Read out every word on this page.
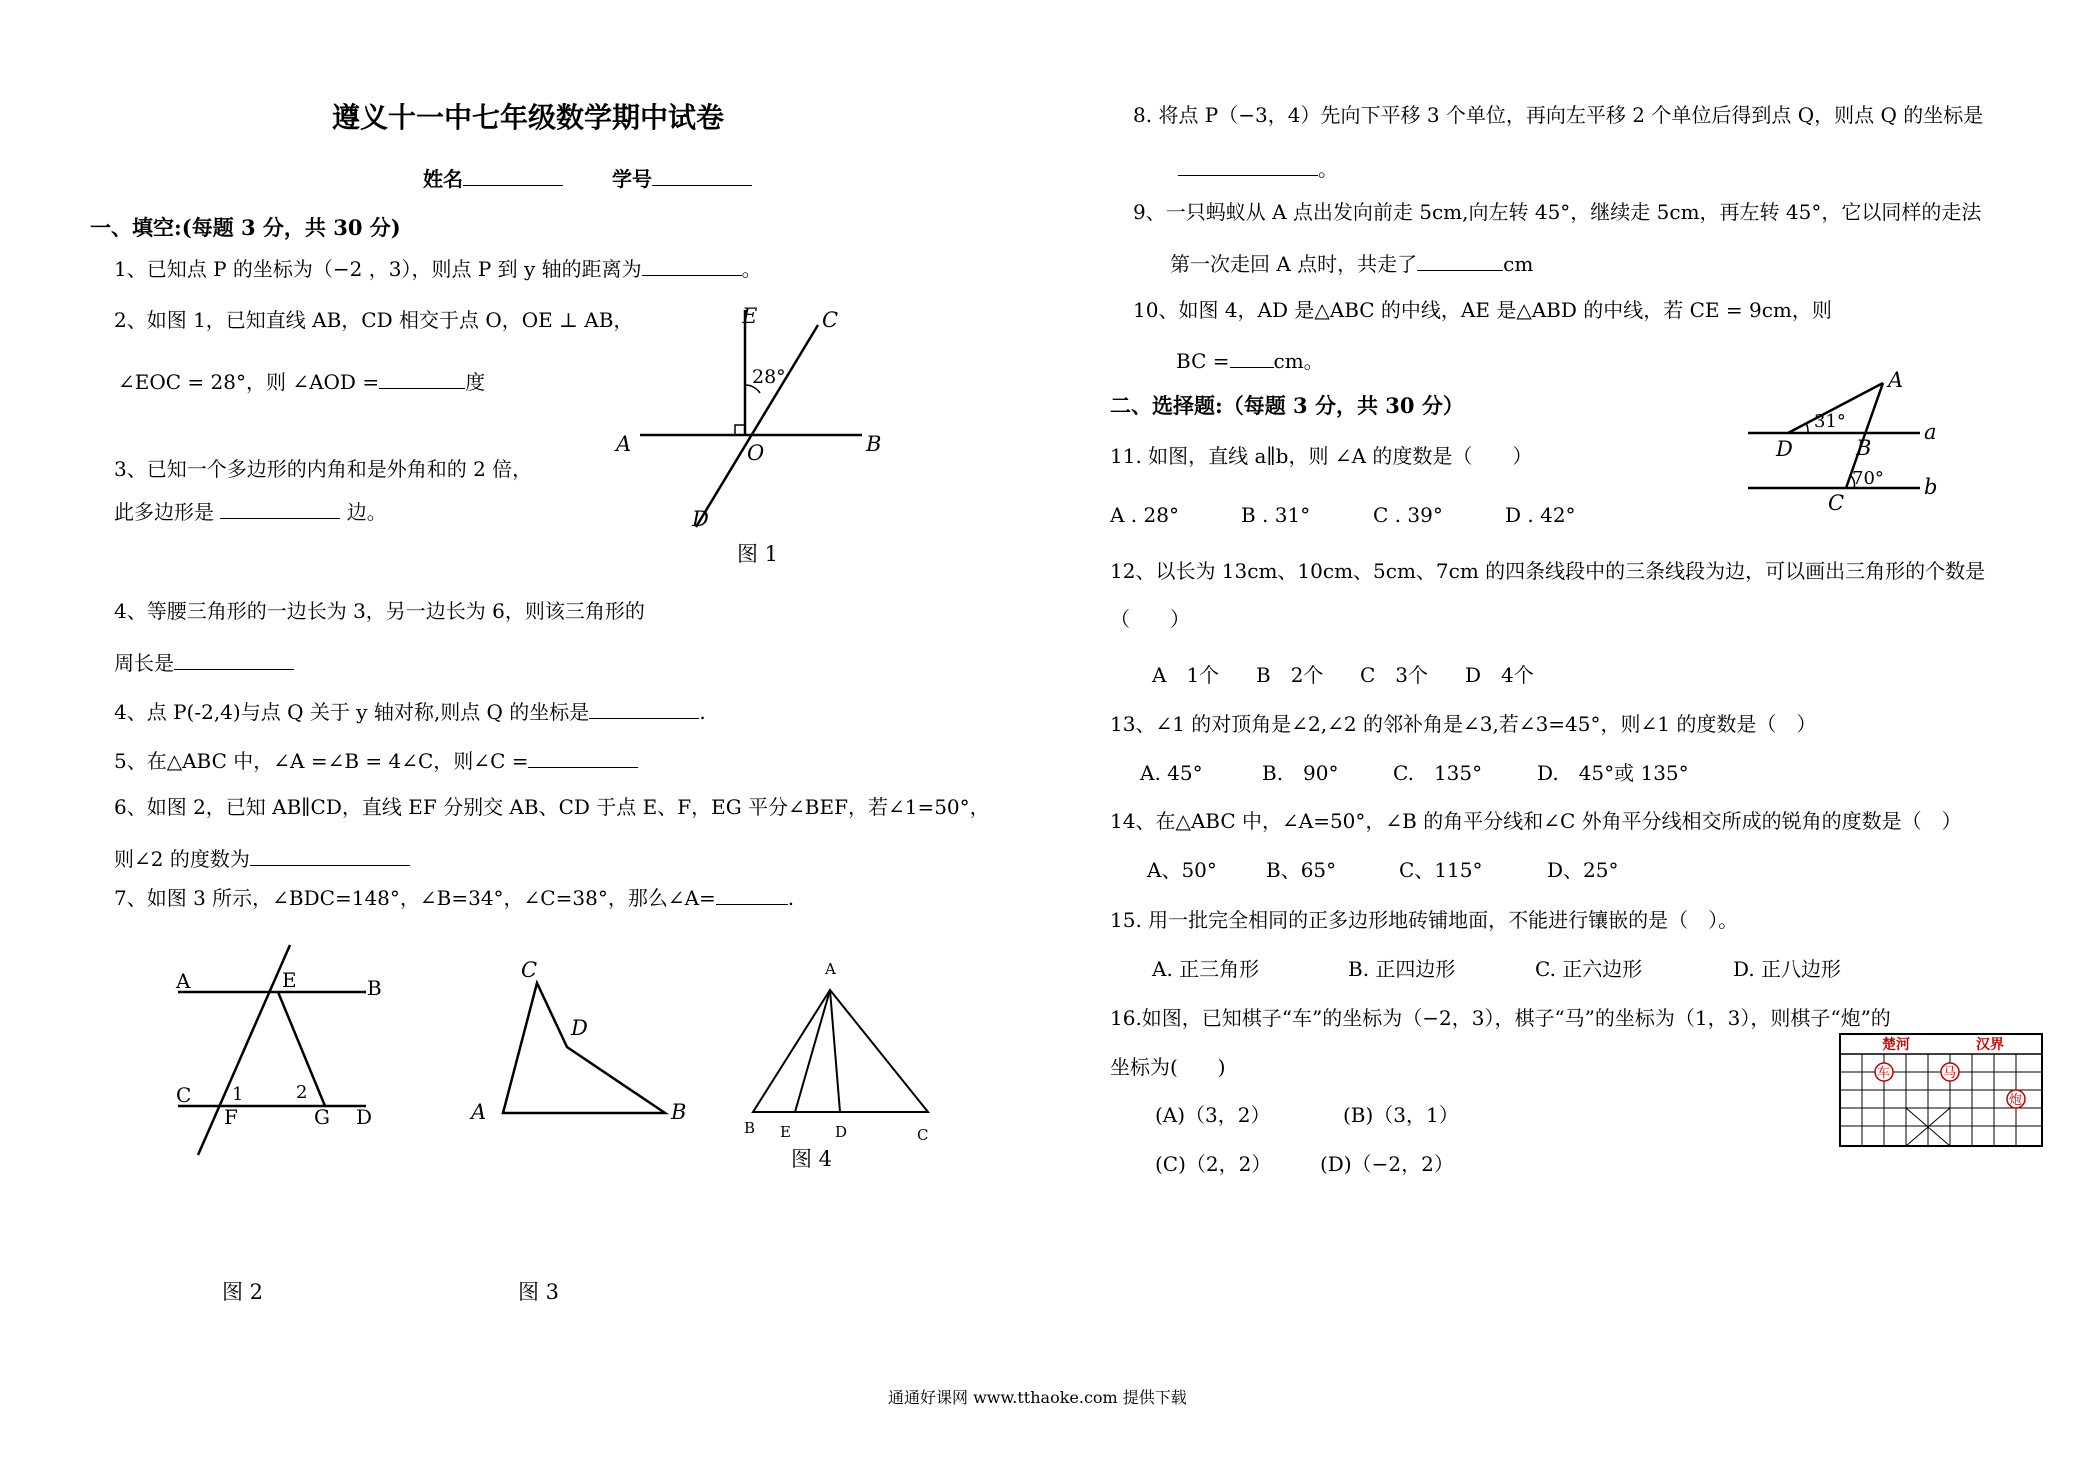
遵义十一中七年级数学期中试卷
姓名	学号
一、填空:(每题 3 分，共 30 分)
1、已知点 P 的坐标为（−2 ，3），则点 P 到 y 轴的距离为	。
2、如图 1，已知直线 AB，CD 相交于点 O，OE ⊥ AB，
∠EOC = 28°，则 ∠AOD =	度
3、已知一个多边形的内角和是外角和的 2 倍，
此多边形是	边。
4、等腰三角形的一边长为 3，另一边长为 6，则该三角形的
周长是
4、点 P(-2,4)与点 Q 关于 y 轴对称,则点 Q 的坐标是	.
5、在△ABC 中，∠A =∠B = 4∠C，则∠C =
6、如图 2，已知 AB∥CD，直线 EF 分别交 AB、CD 于点 E、F，EG 平分∠BEF，若∠1=50°，
则∠2 的度数为
7、如图 3 所示，∠BDC=148°，∠B=34°，∠C=38°，那么∠A=	.
E	C
A	O	B
D
28°
图 1
A	E	B
C 1	2
F	G D
图 2
C
D
A	B
图 3
A
B E	D	C
图 4
8. 将点 P（−3，4）先向下平移 3 个单位，再向左平移 2 个单位后得到点 Q，则点 Q 的坐标是
。
9、一只蚂蚁从 A 点出发向前走 5cm,向左转 45°，继续走 5cm，再左转 45°，它以同样的走法
第一次走回 A 点时，共走了	cm
10、如图 4，AD 是△ABC 的中线，AE 是△ABD 的中线，若 CE = 9cm，则
BC = cm。
二、选择题:（每题 3 分，共 30 分）
A
D	B
a
C
b
31°
70°
11. 如图，直线 a∥b，则 ∠A 的度数是（　　）
A . 28°	B . 31°	C . 39°	D . 42°
12、以长为 13cm、10cm、5cm、7cm 的四条线段中的三条线段为边，可以画出三角形的个数是
（　　）
A　1个 B　2个 C　3个 D　4个
13、∠1 的对顶角是∠2,∠2 的邻补角是∠3,若∠3=45°，则∠1 的度数是（　）
A. 45°	B.　90°	C.　135°	D.　45°或 135°
14、在△ABC 中，∠A=50°，∠B 的角平分线和∠C 外角平分线相交所成的锐角的度数是（　）
A、50° B、65°	C、115°	D、25°
15. 用一批完全相同的正多边形地砖铺地面，不能进行镶嵌的是（　）。
A. 正三角形	B. 正四边形	C. 正六边形	D. 正八边形
16.如图，已知棋子“车”的坐标为（−2，3），棋子“马”的坐标为（1，3），则棋子“炮”的
坐标为(　　)
(A)（3，2）	(B)（3，1）
(C)（2，2） (D)（−2，2）
楚河	汉界
车	马
炮
通通好课网 www.tthaoke.com 提供下载
